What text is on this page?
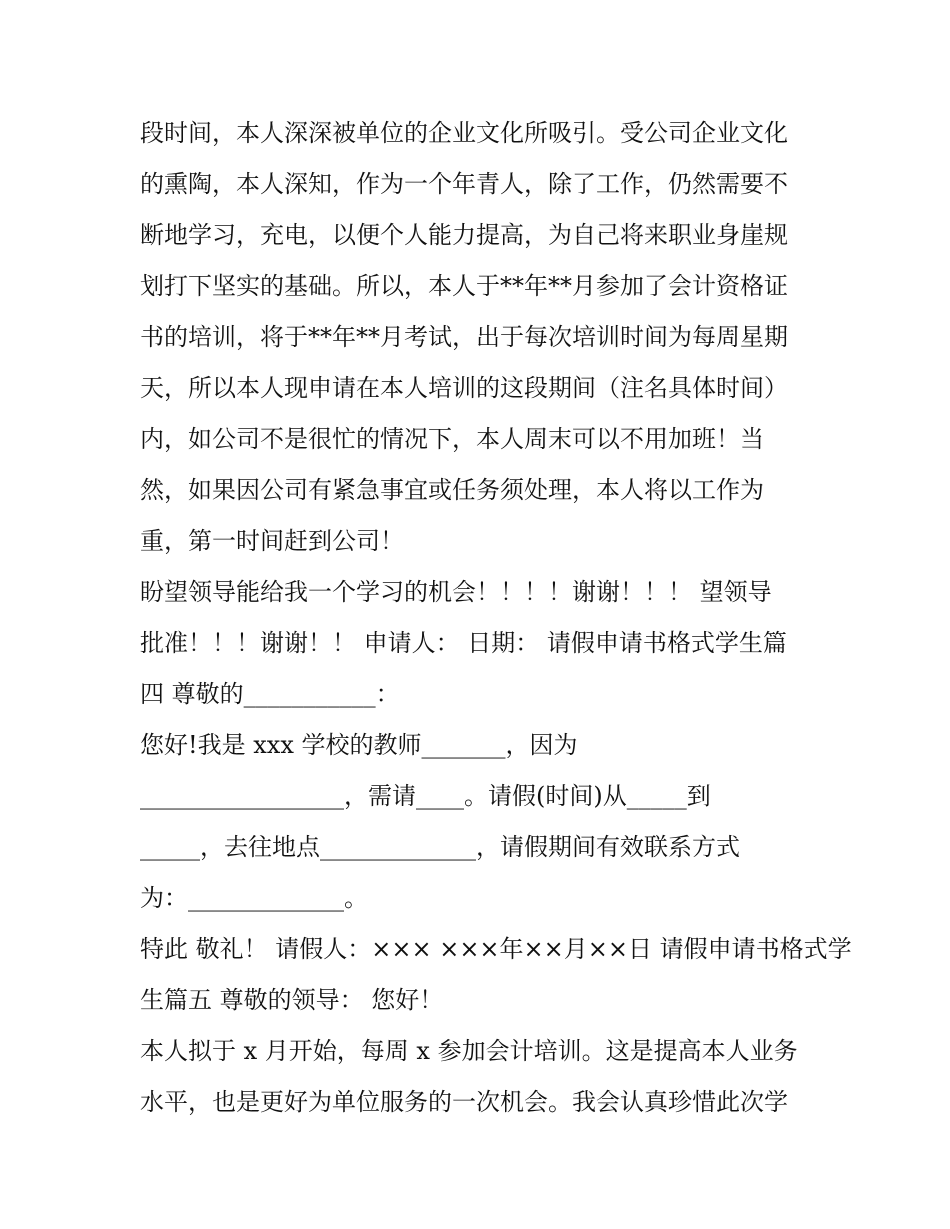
段时间，本人深深被单位的企业文化所吸引。受公司企业文化
的熏陶，本人深知，作为一个年青人，除了工作，仍然需要不
断地学习，充电，以便个人能力提高，为自己将来职业身崖规
划打下坚实的基础。所以，本人于**年**月参加了会计资格证
书的培训，将于**年**月考试，出于每次培训时间为每周星期
天，所以本人现申请在本人培训的这段期间（注名具体时间）
内，如公司不是很忙的情况下，本人周末可以不用加班！当
然，如果因公司有紧急事宜或任务须处理，本人将以工作为
重，第一时间赶到公司！
盼望领导能给我一个学习的机会！！！！谢谢！！！ 望领导
批准！！！谢谢！！ 申请人： 日期： 请假申请书格式学生篇
四 尊敬的___________：
您好!我是 xxx 学校的教师_______，因为
_________________，需请____。请假(时间)从_____到
_____，去往地点_____________，请假期间有效联系方式
为：_____________。
特此 敬礼！ 请假人：××× ×××年××月××日 请假申请书格式学
生篇五 尊敬的领导： 您好！
本人拟于 x 月开始，每周 x 参加会计培训。这是提高本人业务
水平，也是更好为单位服务的一次机会。我会认真珍惜此次学
